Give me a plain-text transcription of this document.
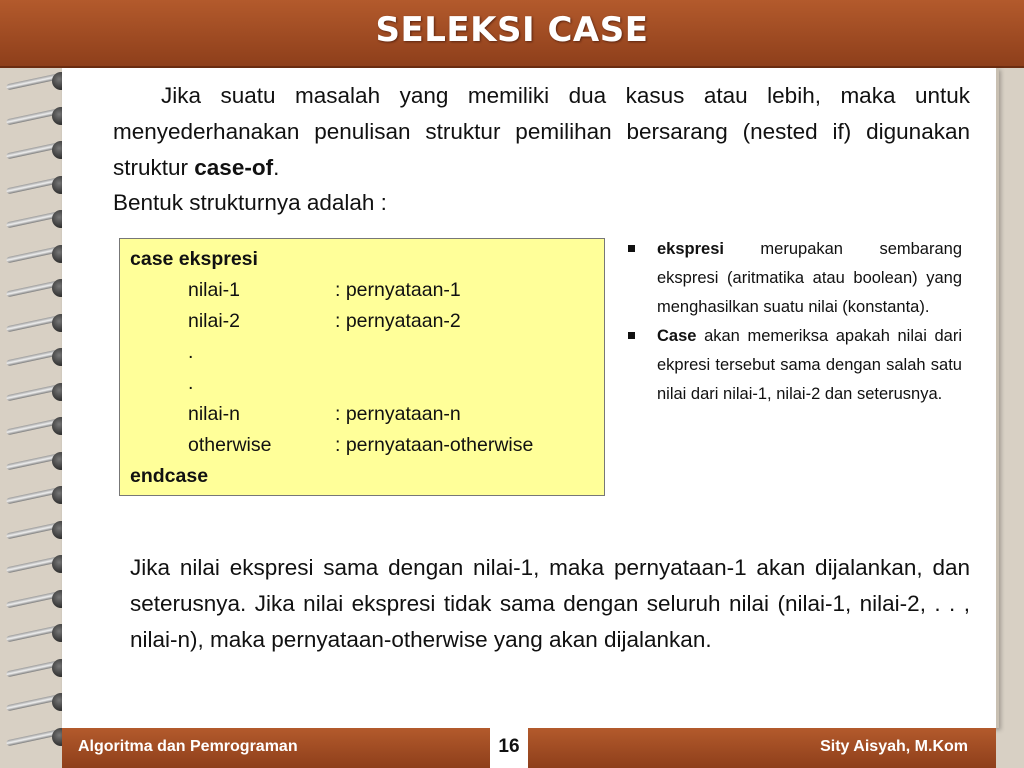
SELEKSI CASE
Jika suatu masalah yang memiliki dua kasus atau lebih, maka untuk menyederhanakan penulisan struktur pemilihan bersarang (nested if) digunakan struktur case-of.
Bentuk strukturnya adalah :
case ekspresi
nilai-1	: pernyataan-1
nilai-2	: pernyataan-2
.
.
nilai-n	: pernyataan-n
otherwise	: pernyataan-otherwise
endcase
ekspresi merupakan sembarang ekspresi (aritmatika atau boolean) yang menghasilkan suatu nilai (konstanta).
Case akan memeriksa apakah nilai dari ekpresi tersebut sama dengan salah satu nilai dari nilai-1, nilai-2 dan seterusnya.
Jika nilai ekspresi sama dengan nilai-1, maka pernyataan-1 akan dijalankan, dan seterusnya. Jika nilai ekspresi tidak sama dengan seluruh nilai (nilai-1, nilai-2, . . , nilai-n), maka pernyataan-otherwise yang akan dijalankan.
Algoritma dan Pemrograman	Sity Aisyah, M.Kom
16
